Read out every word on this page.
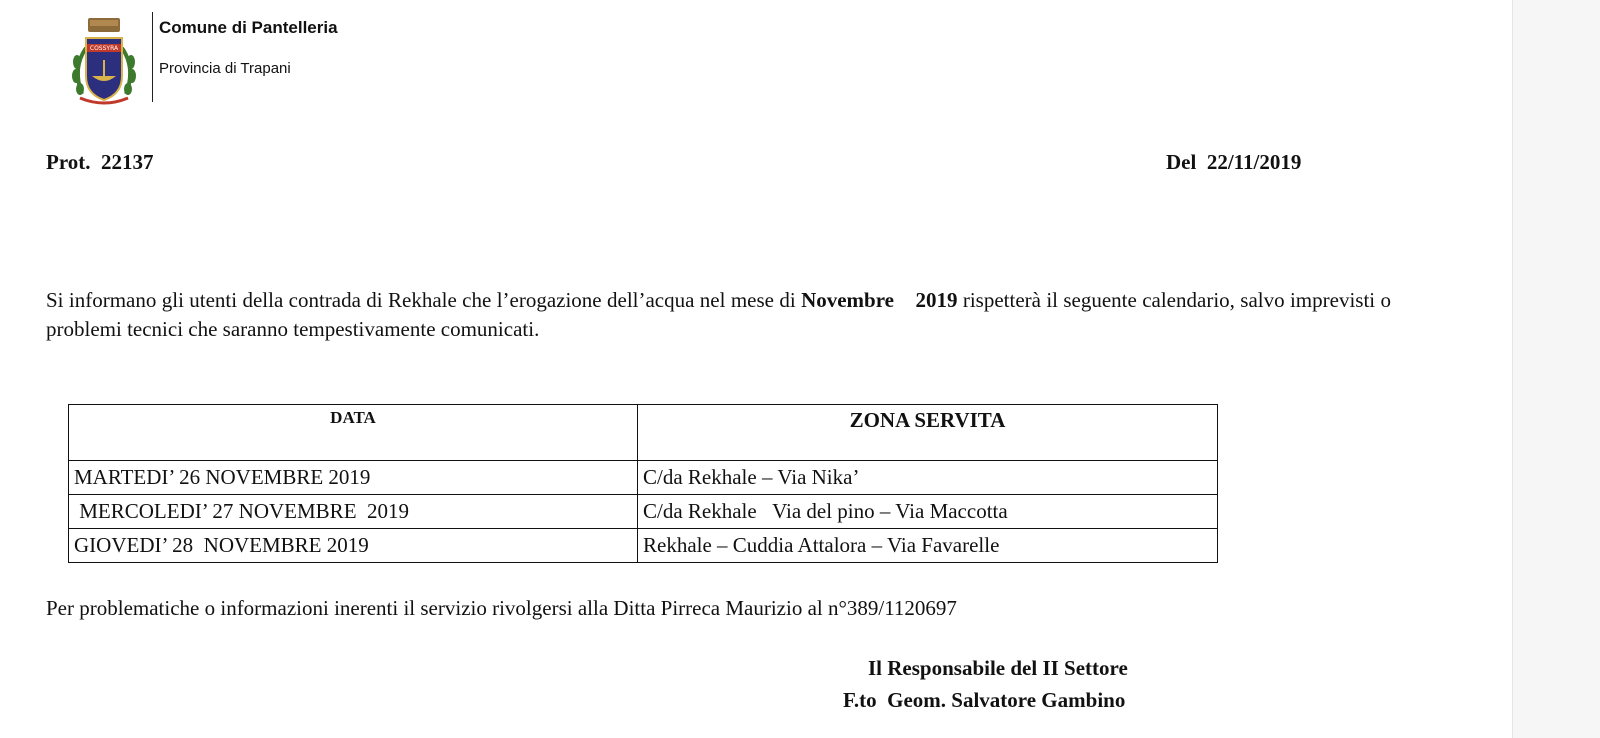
COSSYRA
Comune di Pantelleria
Provincia di Trapani
Prot.  22137	Del  22/11/2019
Si informano gli utenti della contrada di Rekhale che l’erogazione dell’acqua nel mese di Novembre 2019 rispetterà il seguente calendario, salvo imprevisti o problemi tecnici che saranno tempestivamente comunicati.
DATA	ZONA SERVITA
MARTEDI’ 26 NOVEMBRE 2019	C/da Rekhale – Via Nika’
MERCOLEDI’ 27 NOVEMBRE  2019	C/da Rekhale   Via del pino – Via Maccotta
GIOVEDI’ 28  NOVEMBRE 2019	Rekhale – Cuddia Attalora – Via Favarelle
Per problematiche o informazioni inerenti il servizio rivolgersi alla Ditta Pirreca Maurizio al n°389/1120697
Il Responsabile del II Settore
F.to  Geom. Salvatore Gambino
